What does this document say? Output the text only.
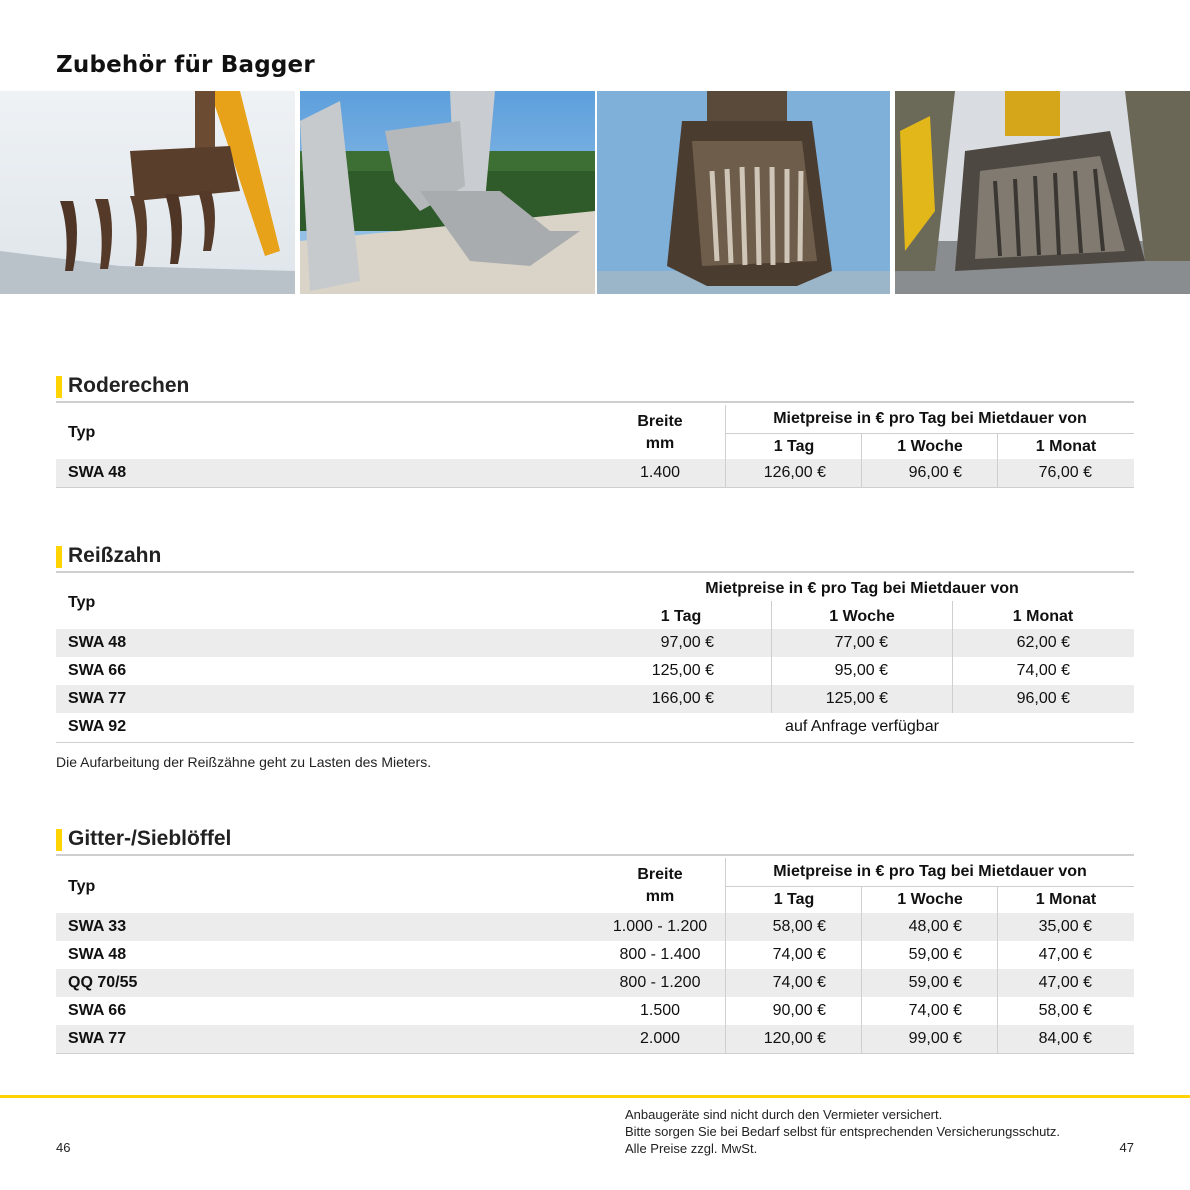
Zubehör für Bagger
Roderechen
Typ
Breite
mm
Mietpreise in € pro Tag bei Mietdauer von
1 Tag	1 Woche	1 Monat
SWA 48	1.400	126,00 €	96,00 €	76,00 €
Reißzahn
Typ
Mietpreise in € pro Tag bei Mietdauer von
1 Tag	1 Woche	1 Monat
SWA 48	97,00 €	77,00 €	62,00 €
SWA 66	125,00 €	95,00 €	74,00 €
SWA 77	166,00 €	125,00 €	96,00 €
SWA 92	auf Anfrage verfügbar
Die Aufarbeitung der Reißzähne geht zu Lasten des Mieters.
Gitter-/Sieblöffel
Typ
Breite
mm
Mietpreise in € pro Tag bei Mietdauer von
1 Tag	1 Woche	1 Monat
SWA 33	1.000 - 1.200	58,00 €	48,00 €	35,00 €
SWA 48	800 - 1.400	74,00 €	59,00 €	47,00 €
QQ 70/55	800 - 1.200	74,00 €	59,00 €	47,00 €
SWA 66	1.500	90,00 €	74,00 €	58,00 €
SWA 77	2.000	120,00 €	99,00 €	84,00 €
Anbaugeräte sind nicht durch den Vermieter versichert.
Bitte sorgen Sie bei Bedarf selbst für entsprechenden Versicherungsschutz.
Alle Preise zzgl. MwSt.
46	47
